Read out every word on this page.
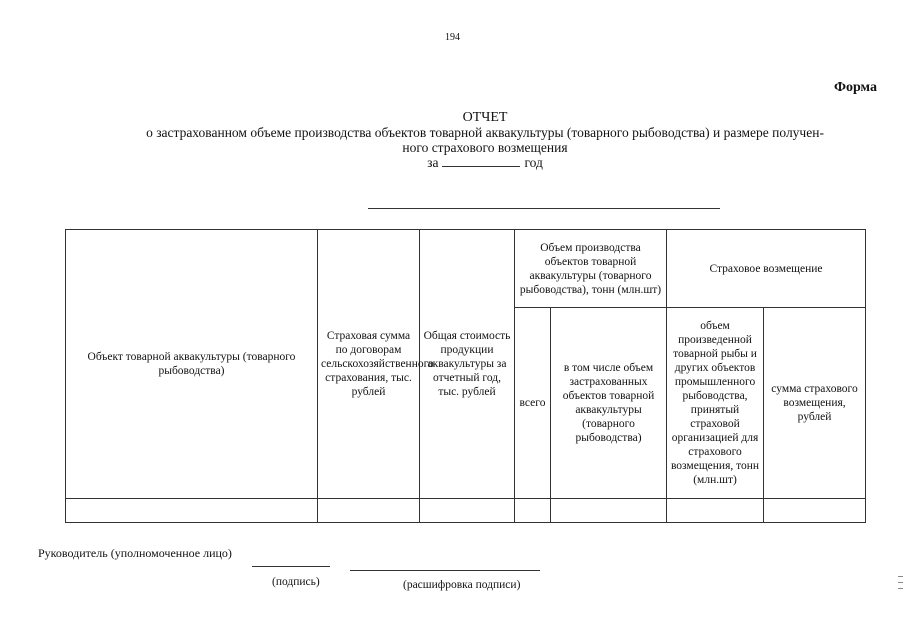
194
Форма
ОТЧЕТ
о застрахованном объеме производства объектов товарной аквакультуры (товарного рыбоводства) и размере получен-
ного страхового возмещения
за	год
Объект товарной аквакультуры (товарного рыбоводства)	Страховая сумма по договорам сельскохозяйственного страхования, тыс. рублей	Общая стоимость продукции аквакультуры за отчетный год, тыс. рублей	Объем производства объектов товарной аквакультуры (товарного рыбоводства), тонн (млн.шт)		Страховое возмещение	
			всего	в том числе объем застрахованных объектов товарной аквакультуры (товарного рыбоводства)	объем произведенной товарной рыбы и других объектов промышленного рыбоводства, принятый страховой организацией для страхового возмещения, тонн (млн.шт)	сумма страхового возмещения, рублей

Руководитель (уполномоченное лицо)
(подпись)	(расшифровка подписи)
